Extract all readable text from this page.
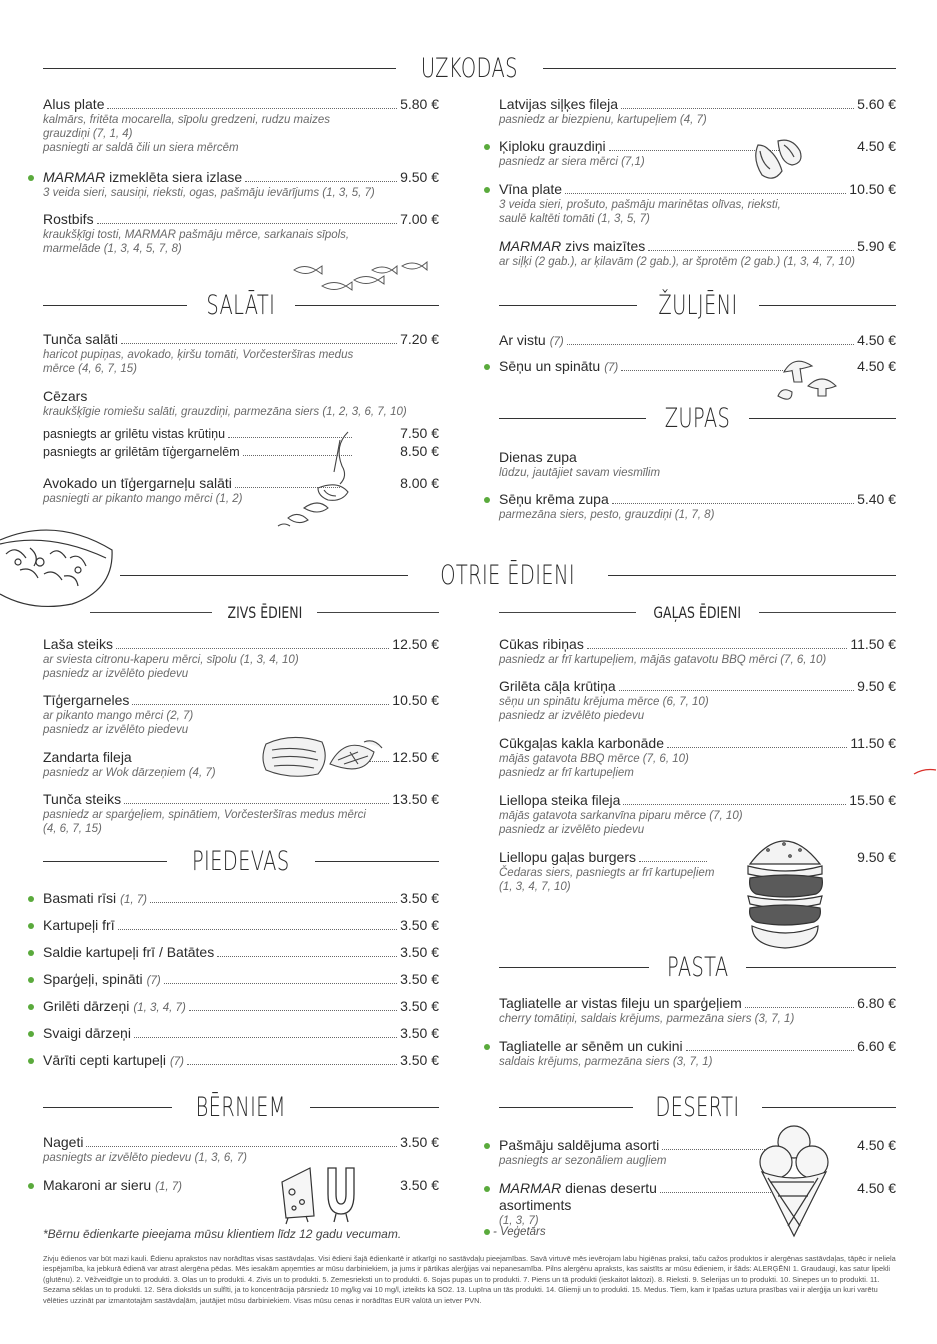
UZKODAS
SALĀTI	ŽULJĒNI
ZUPAS
OTRIE ĒDIENI
ZIVS ĒDIENI	GAĻAS ĒDIENI
PIEDEVAS
PASTA
BĒRNIEM	DESERTI
Alus plate	5.80 €
kalmārs, fritēta mocarella, sīpolu gredzeni, rudzu maizes
grauzdiņi (7, 1, 4)
pasniegti ar saldā čili un siera mērcēm
MARMAR izmeklēta siera izlase	9.50 €
3 veida sieri, sausiņi, rieksti, ogas, pašmāju ievārījums (1, 3, 5, 7)
Rostbifs	7.00 €
kraukšķīgi tosti, MARMAR pašmāju mērce, sarkanais sīpols,
marmelāde (1, 3, 4, 5, 7, 8)
Latvijas siļķes fileja	5.60 €
pasniedz ar biezpienu, kartupeļiem (4, 7)
Ķiploku grauzdiņi	4.50 €
pasniedz ar siera mērci (7,1)
Vīna plate	10.50 €
3 veida sieri, prošuto, pašmāju marinētas olīvas, rieksti,
saulē kaltēti tomāti (1, 3, 5, 7)
MARMAR zivs maizītes	5.90 €
ar siļķi (2 gab.), ar ķilavām (2 gab.), ar šprotēm (2 gab.) (1, 3, 4, 7, 10)
Tunča salāti	7.20 €
haricot pupiņas, avokado, ķiršu tomāti, Vorčesteršīras medus
mērce (4, 6, 7, 15)
Cēzars
kraukšķīgie romiešu salāti, grauzdiņi, parmezāna siers (1, 2, 3, 6, 7, 10)
pasniegts ar grilētu vistas krūtiņu	7.50 €
pasniegts ar grilētām tīģergarnelēm	8.50 €
Avokado un tīģergarneļu salāti	8.00 €
pasniegti ar pikanto mango mērci (1, 2)
Ar vistu (7)	4.50 €
Sēņu un spinātu (7)	4.50 €
Dienas zupa
lūdzu, jautājiet savam viesmīlim
Sēņu krēma zupa	5.40 €
parmezāna siers, pesto, grauzdiņi (1, 7, 8)
Laša steiks	12.50 €
ar sviesta citronu-kaperu mērci, sīpolu (1, 3, 4, 10)
pasniedz ar izvēlēto piedevu
Tīģergarneles	10.50 €
ar pikanto mango mērci (2, 7)
pasniedz ar izvēlēto piedevu
Zandarta fileja	12.50 €
pasniedz ar Wok dārzeņiem (4, 7)
Tunča steiks	13.50 €
pasniedz ar sparģeļiem, spinātiem, Vorčesteršīras medus mērci
(4, 6, 7, 15)
Cūkas ribiņas	11.50 €
pasniedz ar frī kartupeļiem, mājās gatavotu BBQ mērci (7, 6, 10)
Grilēta cāļa krūtiņa	9.50 €
sēņu un spinātu krējuma mērce (6, 7, 10)
pasniedz ar izvēlēto piedevu
Cūkgaļas kakla karbonāde	11.50 €
mājās gatavota BBQ mērce (7, 6, 10)
pasniedz ar frī kartupeļiem
Liellopa steika fileja	15.50 €
mājās gatavota sarkanvīna piparu mērce (7, 10)
pasniedz ar izvēlēto piedevu
Liellopu gaļas burgers	9.50 €
Čedaras siers, pasniegts ar frī kartupeļiem
(1, 3, 4, 7, 10)
Basmati rīsi (1, 7)	3.50 €
Kartupeļi frī	3.50 €
Saldie kartupeļi frī / Batātes	3.50 €
Sparģeļi, spināti (7)	3.50 €
Grilēti dārzeņi (1, 3, 4, 7)	3.50 €
Svaigi dārzeņi	3.50 €
Vārīti cepti kartupeļi (7)	3.50 €
Tagliatelle ar vistas fileju un sparģeļiem	6.80 €
cherry tomātiņi, saldais krējums, parmezāna siers (3, 7, 1)
Tagliatelle ar sēnēm un cukini	6.60 €
saldais krējums, parmezāna siers (3, 7, 1)
Nageti	3.50 €
pasniegts ar izvēlēto piedevu (1, 3, 6, 7)
Makaroni ar sieru (1, 7)	3.50 €
*Bērnu ēdienkarte pieejama mūsu klientiem līdz 12 gadu vecumam.
Pašmāju saldējuma asorti	4.50 €
pasniegts ar sezonāliem augļiem
MARMAR dienas desertu	4.50 €
asortiments
(1, 3, 7)
- Veģetārs
Zivju ēdienos var būt mazi kauli. Ēdienu aprakstos nav norādītas visas sastāvdaļas. Visi ēdieni šajā ēdienkartē ir atkarīgi no sastāvdaļu pieejamības. Savā virtuvē mēs ievērojam labu higiēnas praksi, taču cažos produktos ir alergēnas sastāvdaļas, tāpēc ir neliela iespējamība, ka jebkurā ēdienā var atrast alergēna pēdas. Mēs iesakām apņemties ar mūsu darbiniekiem, ja jums ir pārtikas alerģijas vai nepanesamība. Pilns alergēnu apraksts, kas saistīts ar mūsu ēdieniem, ir šāds: ALERĢĒNI 1. Graudaugi, kas satur lipekli (glutēnu). 2. Vēžveidīgie un to produkti. 3. Olas un to produkti. 4. Zivis un to produkti. 5. Zemesrieksti un to produkti. 6. Sojas pupas un to produkti. 7. Piens un tā produkti (ieskaitot laktozi). 8. Rieksti. 9. Selerijas un to produkti. 10. Sinepes un to produkti. 11. Sezama sēklas un to produkti. 12. Sēra dioksīds un sulfīti, ja to koncentrācija pārsniedz 10 mg/kg vai 10 mg/l, izteikts kā SO2. 13. Lupīna un tās produkti. 14. Gliemji un to produkti. 15. Medus. Tiem, kam ir īpašas uztura prasības vai ir alerģija un kuri varētu vēlēties uzzināt par izmantotajām sastāvdaļām, jautājiet mūsu darbiniekiem. Visas mūsu cenas ir norādītas EUR valūtā un ietver PVN.
